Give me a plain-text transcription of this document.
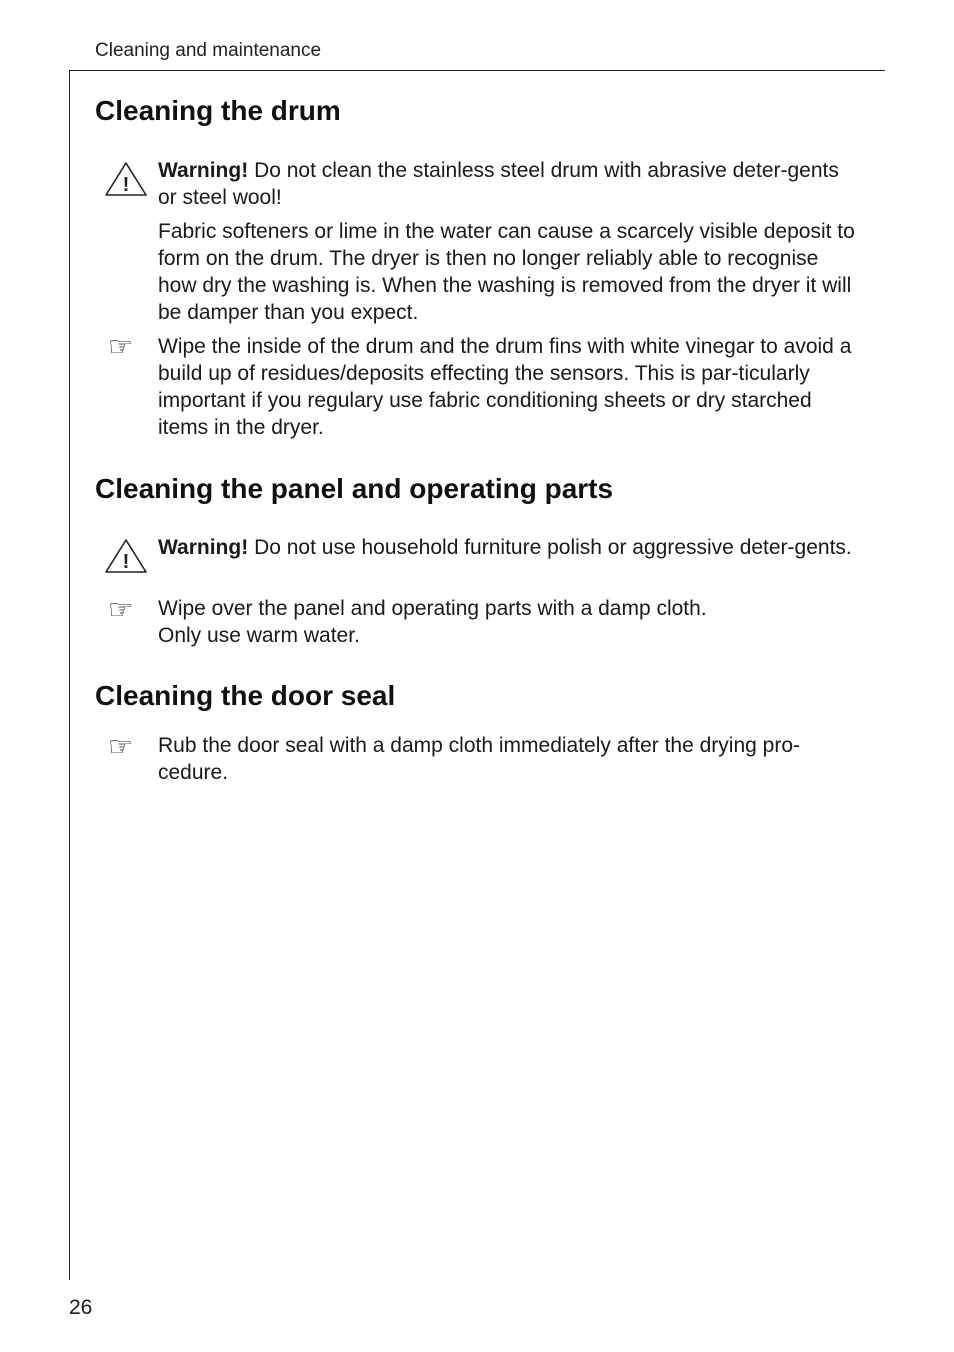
Cleaning and maintenance
Cleaning the drum
!
Warning! Do not clean the stainless steel drum with abrasive deter-gents or steel wool!
Fabric softeners or lime in the water can cause a scarcely visible deposit to form on the drum. The dryer is then no longer reliably able to recognise how dry the washing is. When the washing is removed from the dryer it will be damper than you expect.
☞ Wipe the inside of the drum and the drum fins with white vinegar to avoid a build up of residues/deposits effecting the sensors. This is par-ticularly important if you regulary use fabric conditioning sheets or dry starched items in the dryer.
Cleaning the panel and operating parts
!
Warning! Do not use household furniture polish or aggressive deter-gents.
☞ Wipe over the panel and operating parts with a damp cloth.
Only use warm water.
Cleaning the door seal
☞ Rub the door seal with a damp cloth immediately after the drying pro-cedure.
26
